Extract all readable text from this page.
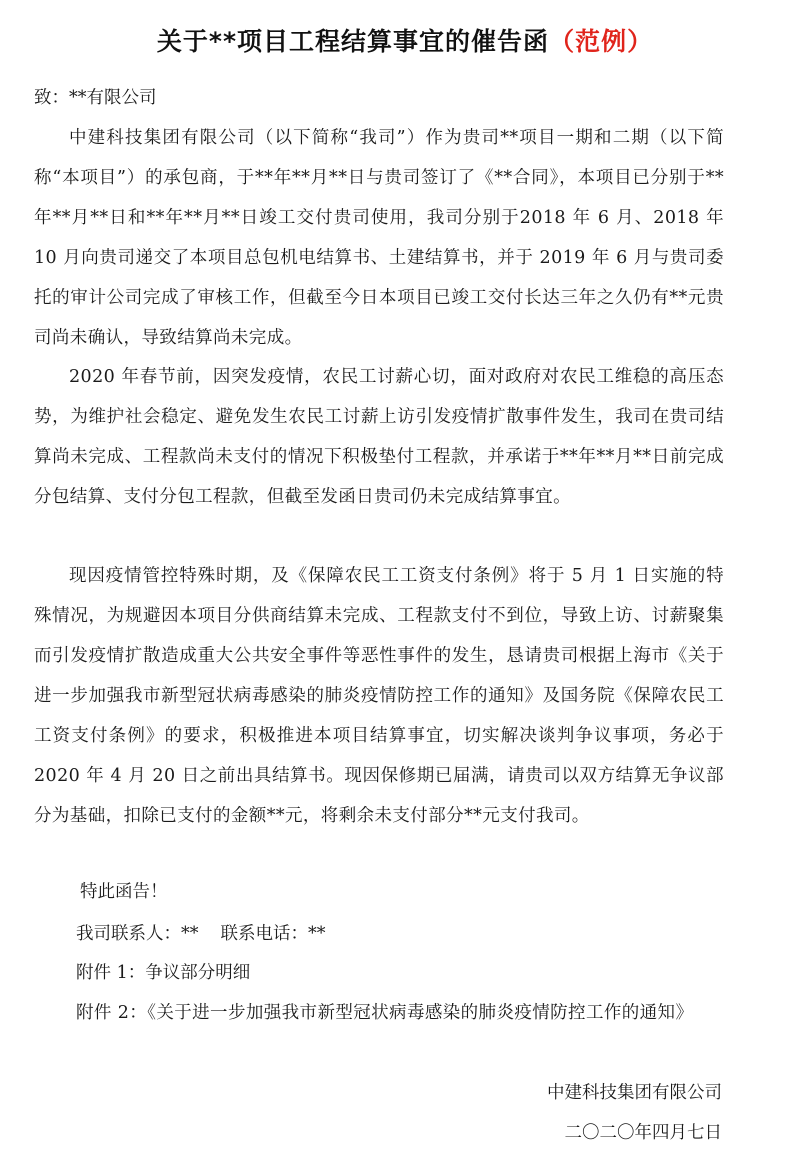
关于**项目工程结算事宜的催告函（范例）
致：**有限公司
中建科技集团有限公司（以下简称“我司”）作为贵司**项目一期和二期（以下简称“本项目”）的承包商，于**年**月**日与贵司签订了《**合同》，本项目已分别于**年**月**日和**年**月**日竣工交付贵司使用，我司分别于2018 年 6 月、2018 年 10 月向贵司递交了本项目总包机电结算书、土建结算书，并于 2019 年 6 月与贵司委托的审计公司完成了审核工作，但截至今日本项目已竣工交付长达三年之久仍有**元贵司尚未确认，导致结算尚未完成。
2020 年春节前，因突发疫情，农民工讨薪心切，面对政府对农民工维稳的高压态势，为维护社会稳定、避免发生农民工讨薪上访引发疫情扩散事件发生，我司在贵司结算尚未完成、工程款尚未支付的情况下积极垫付工程款，并承诺于**年**月**日前完成分包结算、支付分包工程款，但截至发函日贵司仍未完成结算事宜。
现因疫情管控特殊时期，及《保障农民工工资支付条例》将于 5 月 1 日实施的特殊情况，为规避因本项目分供商结算未完成、工程款支付不到位，导致上访、讨薪聚集而引发疫情扩散造成重大公共安全事件等恶性事件的发生，恳请贵司根据上海市《关于进一步加强我市新型冠状病毒感染的肺炎疫情防控工作的通知》及国务院《保障农民工工资支付条例》的要求，积极推进本项目结算事宜，切实解决谈判争议事项，务必于 2020 年 4 月 20 日之前出具结算书。现因保修期已届满，请贵司以双方结算无争议部分为基础，扣除已支付的金额**元，将剩余未支付部分**元支付我司。
特此函告！
我司联系人：** 联系电话：**
附件 1：争议部分明细
附件 2：《关于进一步加强我市新型冠状病毒感染的肺炎疫情防控工作的通知》
中建科技集团有限公司
二〇二〇年四月七日
